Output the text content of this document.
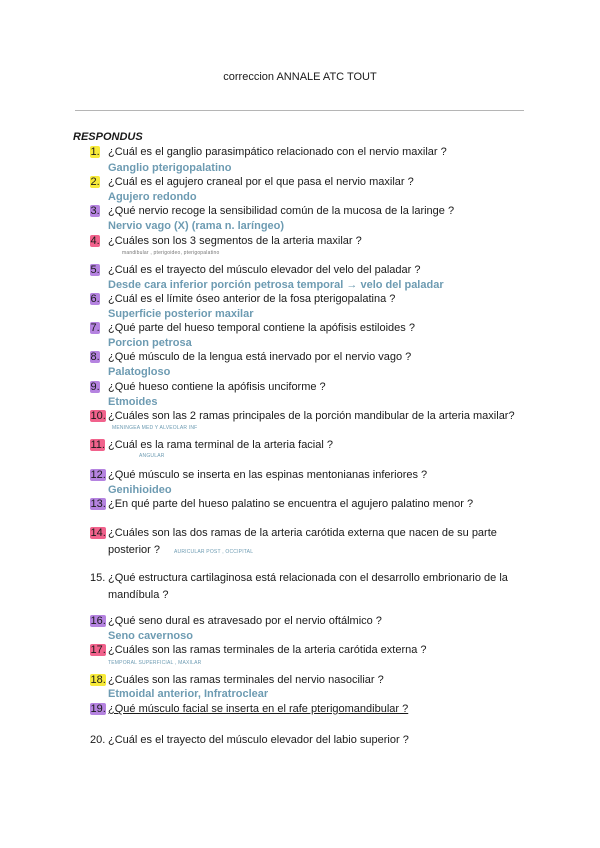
correccion ANNALE ATC TOUT
RESPONDUS
1. ¿Cuál es el ganglio parasimpático relacionado con el nervio maxilar ?
Ganglio pterigopalatino
2. ¿Cuál es el agujero craneal por el que pasa el nervio maxilar ?
Agujero redondo
3. ¿Qué nervio recoge la sensibilidad común de la mucosa de la laringe ?
Nervio vago (X) (rama n. laríngeo)
4. ¿Cuáles son los 3 segmentos de la arteria maxilar ?
mandibular , pterigoideo, pterigopalatino
5. ¿Cuál es el trayecto del músculo elevador del velo del paladar ?
Desde cara inferior porción petrosa temporal → velo del paladar
6. ¿Cuál es el límite óseo anterior de la fosa pterigopalatina ?
Superficie posterior maxilar
7. ¿Qué parte del hueso temporal contiene la apófisis estiloides ?
Porcion petrosa
8. ¿Qué músculo de la lengua está inervado por el nervio vago ?
Palatogloso
9. ¿Qué hueso contiene la apófisis unciforme ?
Etmoides
10. ¿Cuáles son las 2 ramas principales de la porción mandibular de la arteria maxilar?
MENINGEA MED Y ALVEOLAR INF
11. ¿Cuál es la rama terminal de la arteria facial ?
ANGULAR
12. ¿Qué músculo se inserta en las espinas mentonianas inferiores ?
Genihioideo
13. ¿En qué parte del hueso palatino se encuentra el agujero palatino menor ?
14. ¿Cuáles son las dos ramas de la arteria carótida externa que nacen de su parte posterior ?	AURICULAR POST , OCCIPITAL
15. ¿Qué estructura cartilaginosa está relacionada con el desarrollo embrionario de la mandíbula ?
16. ¿Qué seno dural es atravesado por el nervio oftálmico ?
Seno cavernoso
17. ¿Cuáles son las ramas terminales de la arteria carótida externa ?
TEMPORAL SUPERFICIAL , MAXILAR
18. ¿Cuáles son las ramas terminales del nervio nasociliar ?
Etmoidal anterior, Infratroclear
19. ¿Qué músculo facial se inserta en el rafe pterigomandibular ?
20. ¿Cuál es el trayecto del músculo elevador del labio superior ?
